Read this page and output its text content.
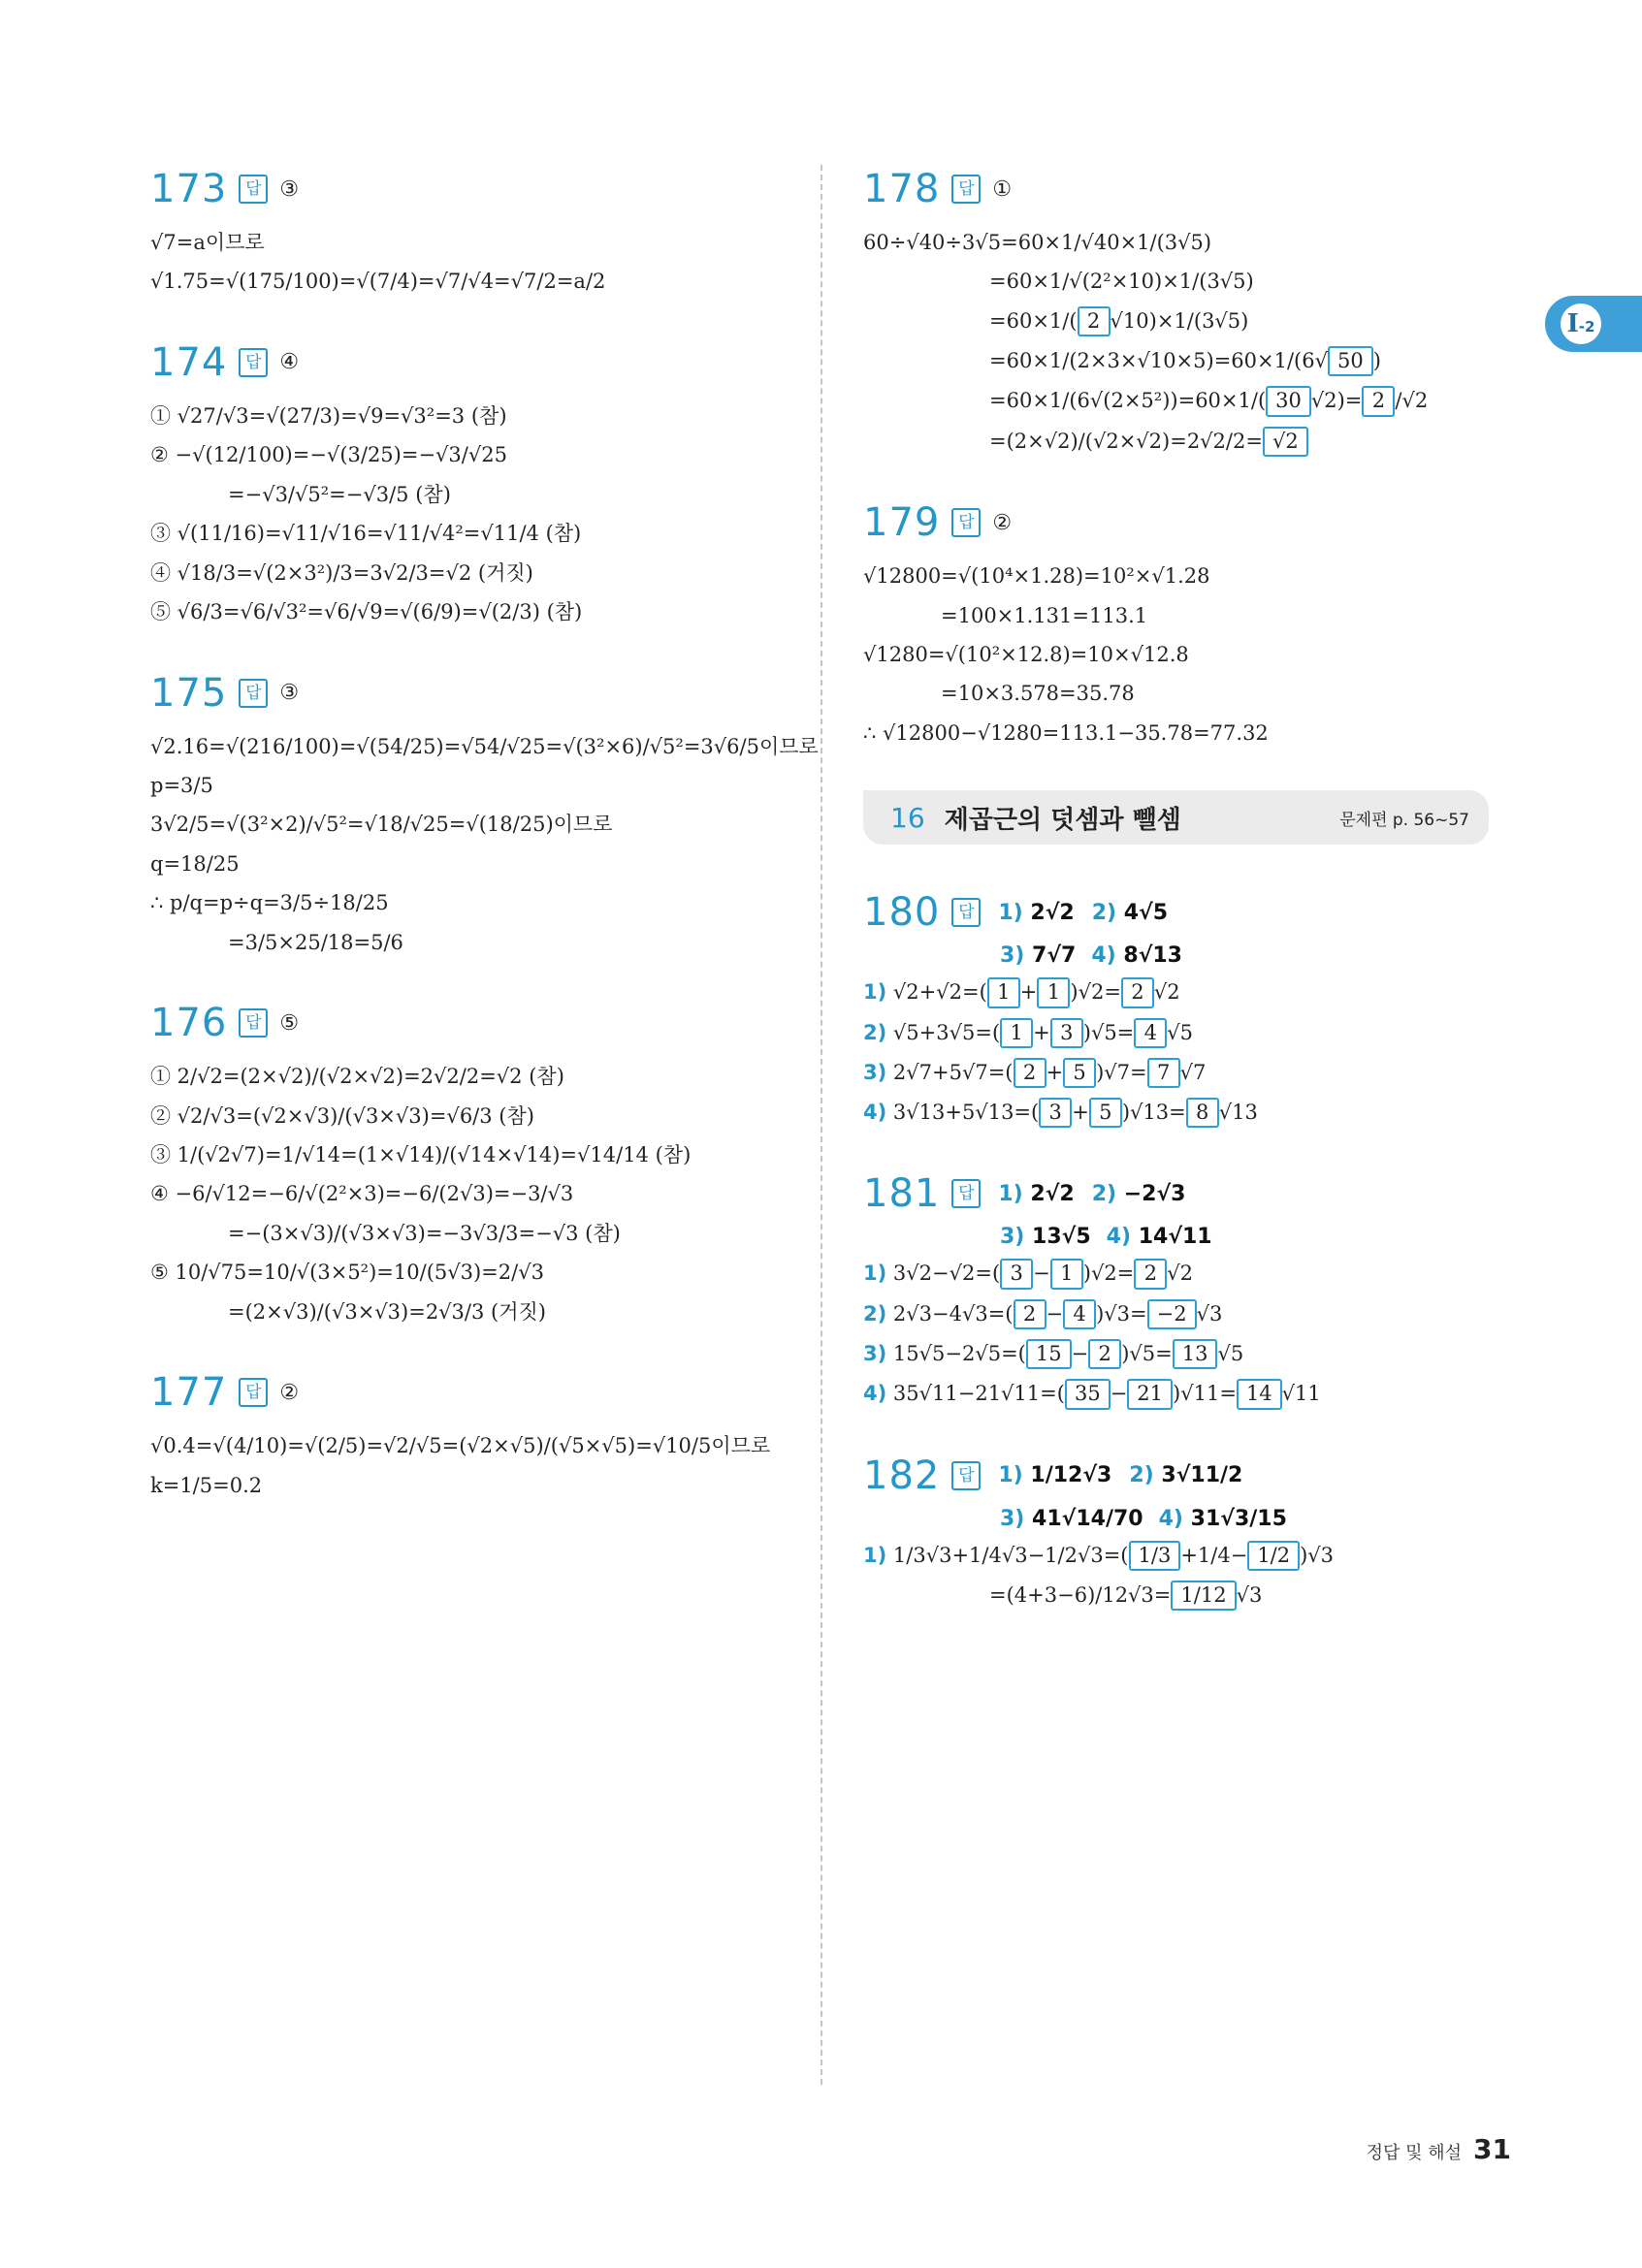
I-2
173	답 ③
√7=a이므로
√1.75=√(175/100)=√(7/4)=√7/√4=√7/2=a/2
174	답 ④
① √27/√3=√(27/3)=√9=√3²=3 (참)
② −√(12/100)=−√(3/25)=−√3/√25
=−√3/√5²=−√3/5 (참)
③ √(11/16)=√11/√16=√11/√4²=√11/4 (참)
④ √18/3=√(2×3²)/3=3√2/3=√2 (거짓)
⑤ √6/3=√6/√3²=√6/√9=√(6/9)=√(2/3) (참)
175	답 ③
√2.16=√(216/100)=√(54/25)=√54/√25=√(3²×6)/√5²=3√6/5이므로
p=3/5
3√2/5=√(3²×2)/√5²=√18/√25=√(18/25)이므로
q=18/25
∴ p/q=p÷q=3/5÷18/25
=3/5×25/18=5/6
176	답 ⑤
① 2/√2=(2×√2)/(√2×√2)=2√2/2=√2 (참)
② √2/√3=(√2×√3)/(√3×√3)=√6/3 (참)
③ 1/(√2√7)=1/√14=(1×√14)/(√14×√14)=√14/14 (참)
④ −6/√12=−6/√(2²×3)=−6/(2√3)=−3/√3
=−(3×√3)/(√3×√3)=−3√3/3=−√3 (참)
⑤ 10/√75=10/√(3×5²)=10/(5√3)=2/√3
=(2×√3)/(√3×√3)=2√3/3 (거짓)
177	답 ②
√0.4=√(4/10)=√(2/5)=√2/√5=(√2×√5)/(√5×√5)=√10/5이므로
k=1/5=0.2
178	답 ①
60÷√40÷3√5=60×1/√40×1/(3√5)
=60×1/√(2²×10)×1/(3√5)
=60×1/( 2 √10)×1/(3√5)
=60×1/(2×3×√10×5)=60×1/(6√ 50 )
=60×1/(6√(2×5²))=60×1/( 30 √2)= 2 /√2
=(2×√2)/(√2×√2)=2√2/2= √2
179	답 ②
√12800=√(10⁴×1.28)=10²×√1.28
=100×1.131=113.1
√1280=√(10²×12.8)=10×√12.8
=10×3.578=35.78
∴ √12800−√1280=113.1−35.78=77.32
16 제곱근의 덧셈과 뺄셈	문제편 p. 56~57
180	답	1) 2√2 2) 4√5
3) 7√7 4) 8√13
1) √2+√2=( 1 + 1 )√2= 2 √2
2) √5+3√5=( 1 + 3 )√5= 4 √5
3) 2√7+5√7=( 2 + 5 )√7= 7 √7
4) 3√13+5√13=( 3 + 5 )√13= 8 √13
181	답	1) 2√2 2) −2√3
3) 13√5 4) 14√11
1) 3√2−√2=( 3 − 1 )√2= 2 √2
2) 2√3−4√3=( 2 − 4 )√3= −2 √3
3) 15√5−2√5=( 15 − 2 )√5= 13 √5
4) 35√11−21√11=( 35 − 21 )√11= 14 √11
182	답	1) 1/12√3 2) 3√11/2
3) 41√14/70 4) 31√3/15
1) 1/3√3+1/4√3−1/2√3=( 1/3 +1/4− 1/2 )√3
=(4+3−6)/12√3= 1/12 √3
정답 및 해설 31
